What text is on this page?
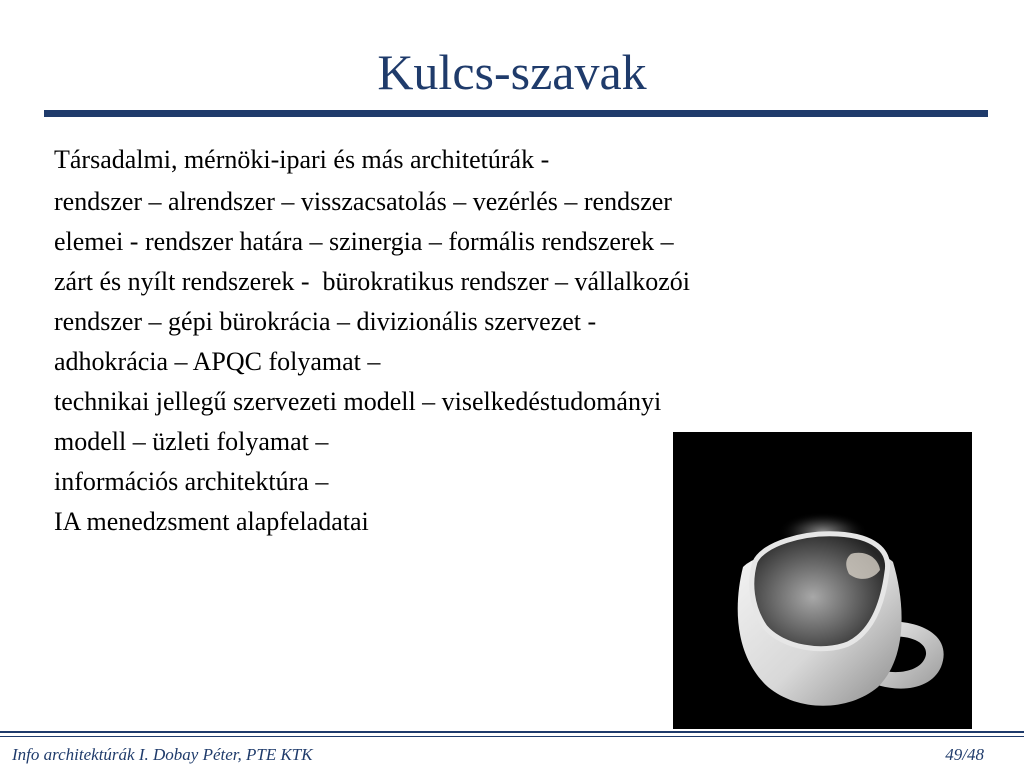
Kulcs-szavak

Társadalmi, mérnöki-ipari és más architetúrák -

rendszer – alrendszer – visszacsatolás – vezérlés – rendszer
elemei - rendszer határa – szinergia – formális rendszerek –
zárt és nyílt rendszerek -  bürokratikus rendszer – vállalkozói
rendszer – gépi bürokrácia – divizionális szervezet -
adhokrácia – APQC folyamat –
technikai jellegű szervezeti modell – viselkedéstudományi
modell – üzleti folyamat –
információs architektúra –
IA menedzsment alapfeladatai

Info architektúrák I. Dobay Péter, PTE KTK	49/48
